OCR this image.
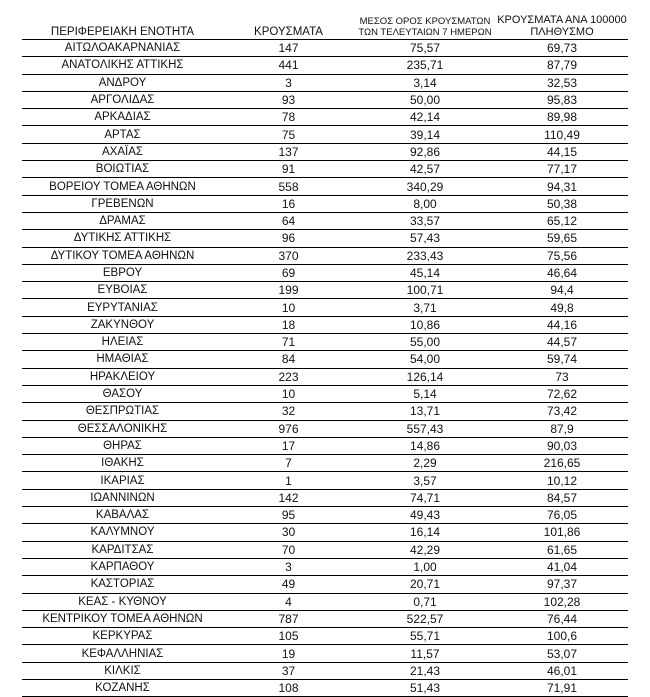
ΠΕΡΙΦΕΡΕΙΑΚΗ ΕΝΟΤΗΤΑ	ΚΡΟΥΣΜΑΤΑ	ΜΕΣΟΣ ΟΡΟΣ ΚΡΟΥΣΜΑΤΩΝ
ΤΩΝ ΤΕΛΕΥΤΑΙΩΝ 7 ΗΜΕΡΩΝ	ΚΡΟΥΣΜΑΤΑ ΑΝΑ 100000
ΠΛΗΘΥΣΜΟ

ΑΙΤΩΛΟΑΚΑΡΝΑΝΙΑΣ	147	75,57	69,73
ΑΝΑΤΟΛΙΚΗΣ ΑΤΤΙΚΗΣ	441	235,71	87,79
ΑΝΔΡΟΥ	3	3,14	32,53
ΑΡΓΟΛΙΔΑΣ	93	50,00	95,83
ΑΡΚΑΔΙΑΣ	78	42,14	89,98
ΑΡΤΑΣ	75	39,14	110,49
ΑΧΑΪΑΣ	137	92,86	44,15
ΒΟΙΩΤΙΑΣ	91	42,57	77,17
ΒΟΡΕΙΟΥ ΤΟΜΕΑ ΑΘΗΝΩΝ	558	340,29	94,31
ΓΡΕΒΕΝΩΝ	16	8,00	50,38
ΔΡΑΜΑΣ	64	33,57	65,12
ΔΥΤΙΚΗΣ ΑΤΤΙΚΗΣ	96	57,43	59,65
ΔΥΤΙΚΟΥ ΤΟΜΕΑ ΑΘΗΝΩΝ	370	233,43	75,56
ΕΒΡΟΥ	69	45,14	46,64
ΕΥΒΟΙΑΣ	199	100,71	94,4
ΕΥΡΥΤΑΝΙΑΣ	10	3,71	49,8
ΖΑΚΥΝΘΟΥ	18	10,86	44,16
ΗΛΕΙΑΣ	71	55,00	44,57
ΗΜΑΘΙΑΣ	84	54,00	59,74
ΗΡΑΚΛΕΙΟΥ	223	126,14	73
ΘΑΣΟΥ	10	5,14	72,62
ΘΕΣΠΡΩΤΙΑΣ	32	13,71	73,42
ΘΕΣΣΑΛΟΝΙΚΗΣ	976	557,43	87,9
ΘΗΡΑΣ	17	14,86	90,03
ΙΘΑΚΗΣ	7	2,29	216,65
ΙΚΑΡΙΑΣ	1	3,57	10,12
ΙΩΑΝΝΙΝΩΝ	142	74,71	84,57
ΚΑΒΑΛΑΣ	95	49,43	76,05
ΚΑΛΥΜΝΟΥ	30	16,14	101,86
ΚΑΡΔΙΤΣΑΣ	70	42,29	61,65
ΚΑΡΠΑΘΟΥ	3	1,00	41,04
ΚΑΣΤΟΡΙΑΣ	49	20,71	97,37
ΚΕΑΣ - ΚΥΘΝΟΥ	4	0,71	102,28
ΚΕΝΤΡΙΚΟΥ ΤΟΜΕΑ ΑΘΗΝΩΝ	787	522,57	76,44
ΚΕΡΚΥΡΑΣ	105	55,71	100,6
ΚΕΦΑΛΛΗΝΙΑΣ	19	11,57	53,07
ΚΙΛΚΙΣ	37	21,43	46,01
ΚΟΖΑΝΗΣ	108	51,43	71,91
